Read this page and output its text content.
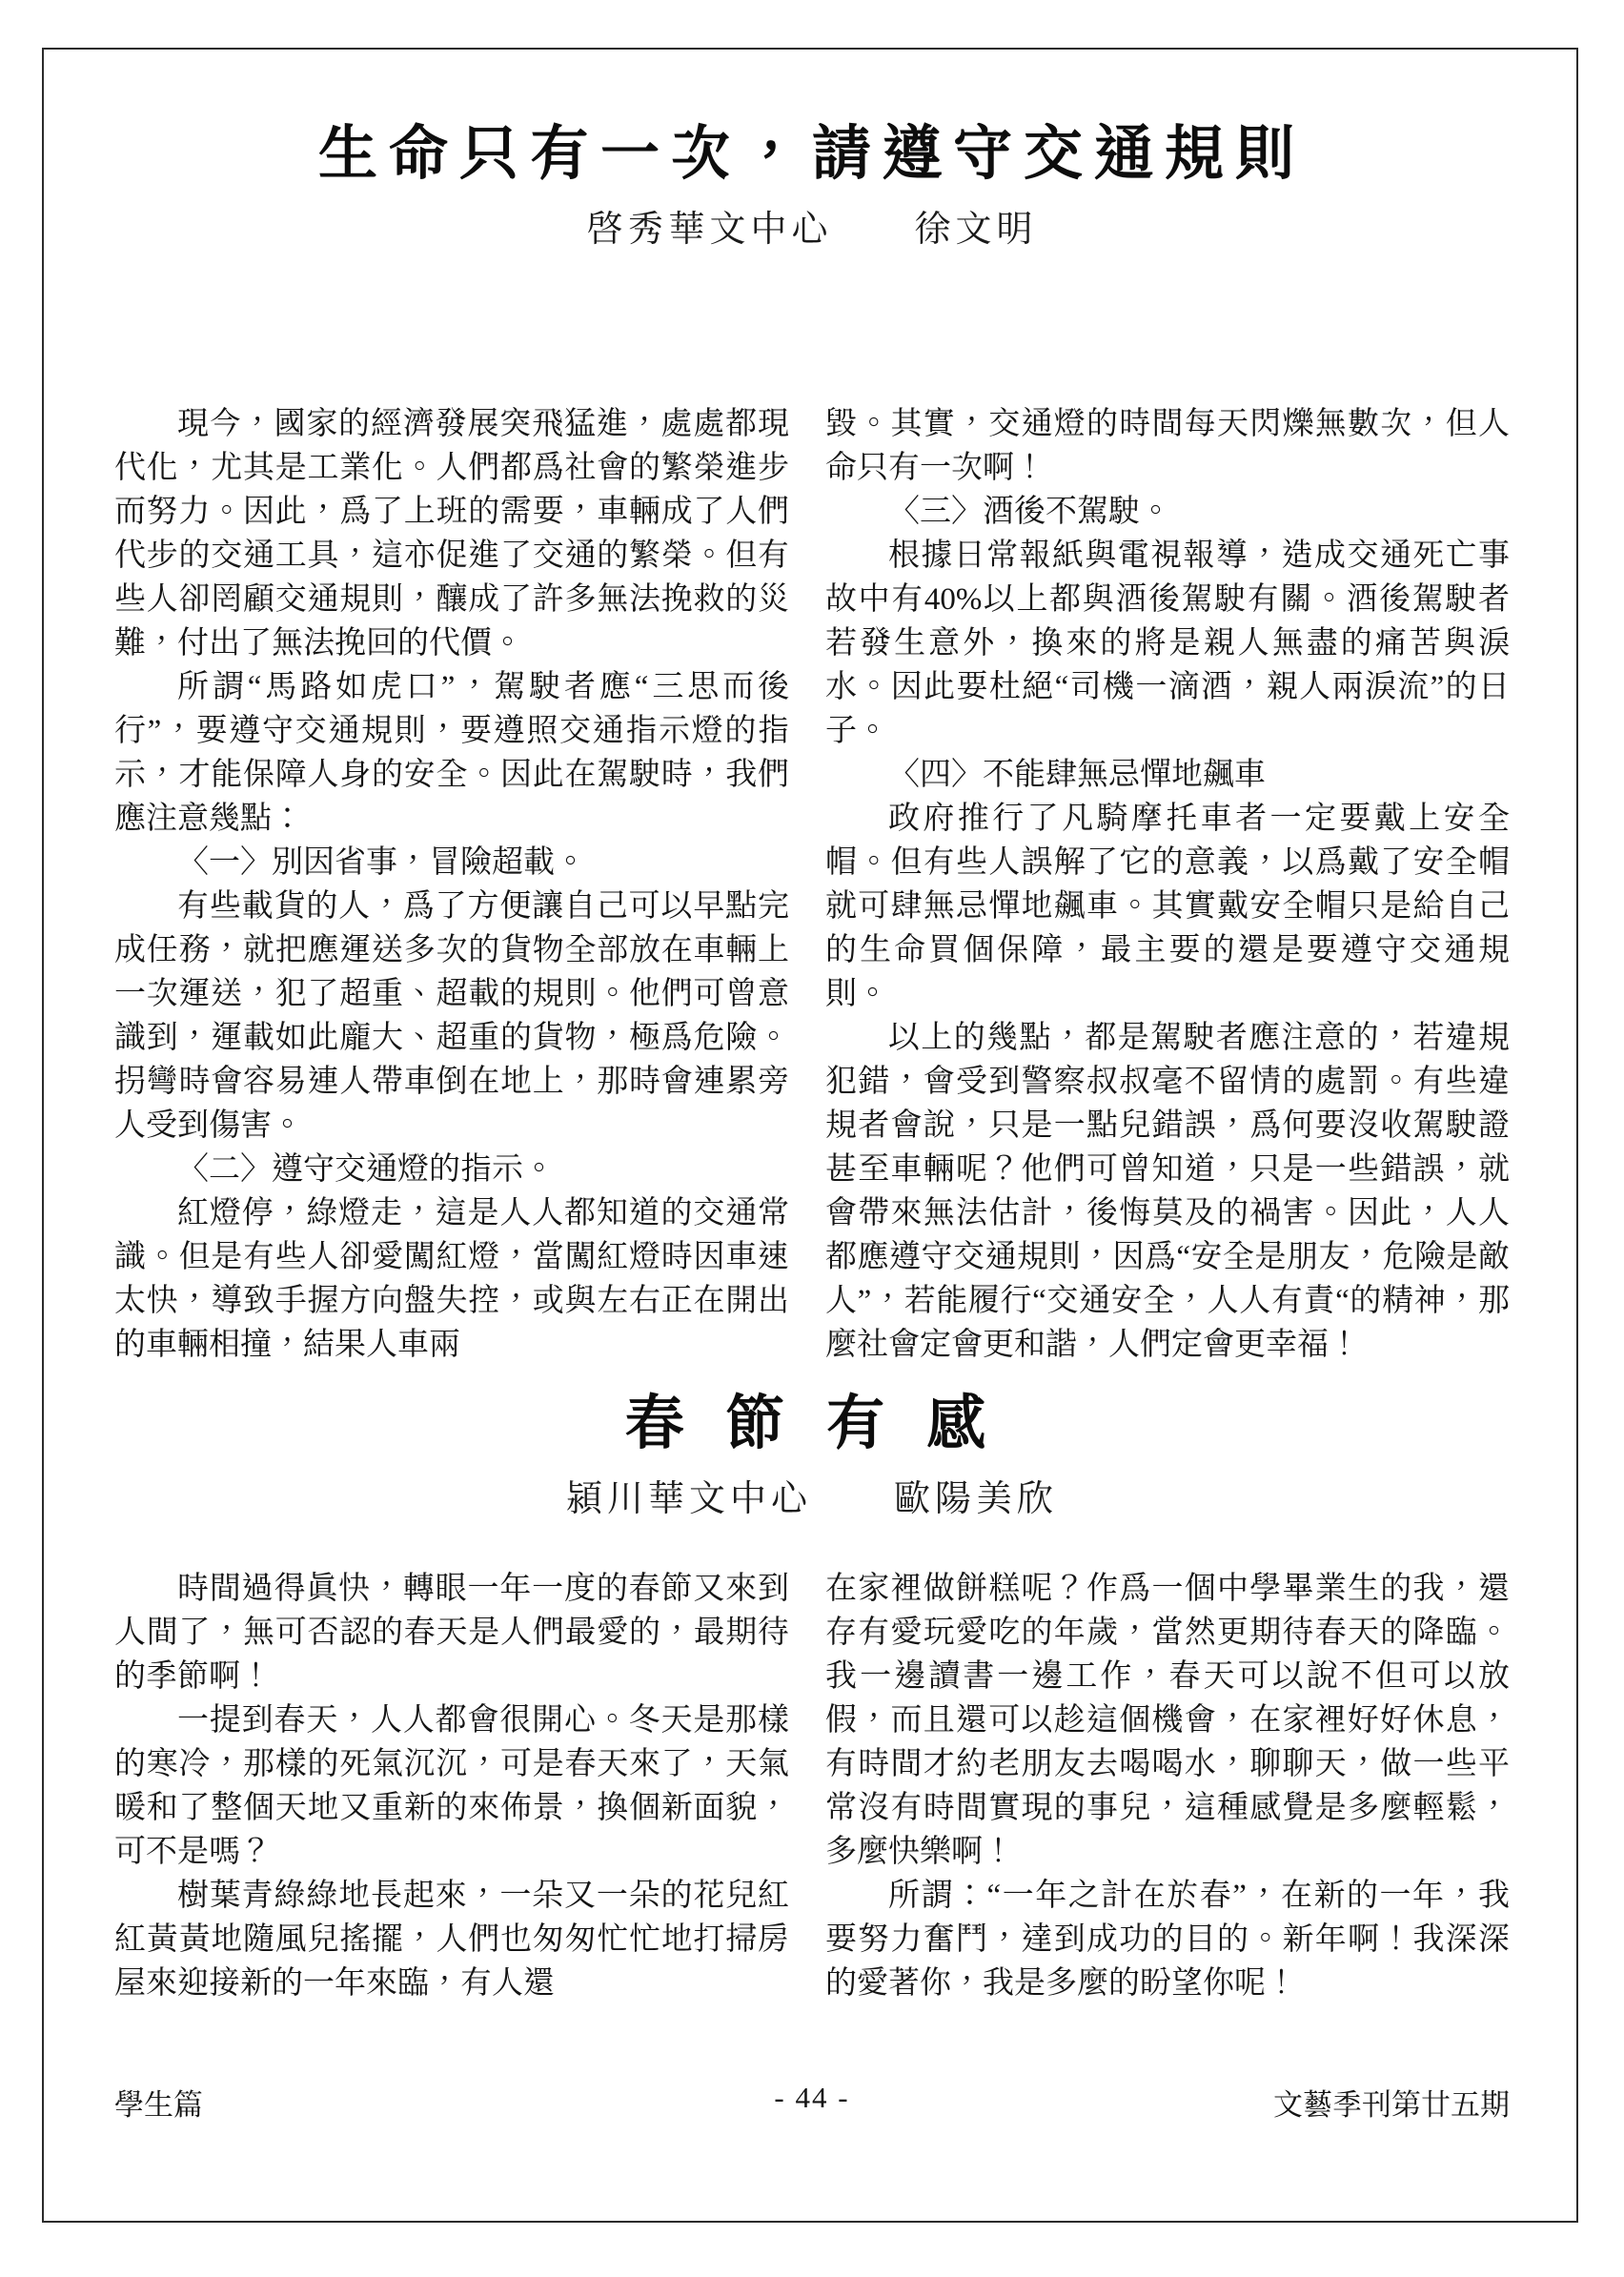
生命只有一次，請遵守交通規則
啓秀華文中心　　徐文明

現今，國家的經濟發展突飛猛進，處處都現代化，尤其是工業化。人們都爲社會的繁榮進步而努力。因此，爲了上班的需要，車輛成了人們代步的交通工具，這亦促進了交通的繁榮。但有些人卻罔顧交通規則，釀成了許多無法挽救的災難，付出了無法挽回的代價。

所謂“馬路如虎口”，駕駛者應“三思而後行”，要遵守交通規則，要遵照交通指示燈的指示，才能保障人身的安全。因此在駕駛時，我們應注意幾點：

〈一〉別因省事，冒險超載。

有些載貨的人，爲了方便讓自己可以早點完成任務，就把應運送多次的貨物全部放在車輛上一次運送，犯了超重、超載的規則。他們可曾意識到，運載如此龐大、超重的貨物，極爲危險。拐彎時會容易連人帶車倒在地上，那時會連累旁人受到傷害。

〈二〉遵守交通燈的指示。

紅燈停，綠燈走，這是人人都知道的交通常識。但是有些人卻愛闖紅燈，當闖紅燈時因車速太快，導致手握方向盤失控，或與左右正在開出的車輛相撞，結果人車兩

毀。其實，交通燈的時間每天閃爍無數次，但人命只有一次啊！

〈三〉酒後不駕駛。

根據日常報紙與電視報導，造成交通死亡事故中有40%以上都與酒後駕駛有關。酒後駕駛者若發生意外，換來的將是親人無盡的痛苦與淚水。因此要杜絕“司機一滴酒，親人兩淚流”的日子。

〈四〉不能肆無忌憚地飆車

政府推行了凡騎摩托車者一定要戴上安全帽。但有些人誤解了它的意義，以爲戴了安全帽就可肆無忌憚地飆車。其實戴安全帽只是給自己的生命買個保障，最主要的還是要遵守交通規則。

以上的幾點，都是駕駛者應注意的，若違規犯錯，會受到警察叔叔毫不留情的處罰。有些違規者會說，只是一點兒錯誤，爲何要沒收駕駛證甚至車輛呢？他們可曾知道，只是一些錯誤，就會帶來無法估計，後悔莫及的禍害。因此，人人都應遵守交通規則，因爲“安全是朋友，危險是敵人”，若能履行“交通安全，人人有責“的精神，那麼社會定會更和諧，人們定會更幸福！

春 節 有 感
潁川華文中心　　歐陽美欣

時間過得眞快，轉眼一年一度的春節又來到人間了，無可否認的春天是人們最愛的，最期待的季節啊！

一提到春天，人人都會很開心。冬天是那樣的寒冷，那樣的死氣沉沉，可是春天來了，天氣暖和了整個天地又重新的來佈景，換個新面貌，可不是嗎？

樹葉青綠綠地長起來，一朵又一朵的花兒紅紅黃黃地隨風兒搖擺，人們也匆匆忙忙地打掃房屋來迎接新的一年來臨，有人還

在家裡做餅糕呢？作爲一個中學畢業生的我，還存有愛玩愛吃的年歲，當然更期待春天的降臨。我一邊讀書一邊工作，春天可以說不但可以放假，而且還可以趁這個機會，在家裡好好休息，有時間才約老朋友去喝喝水，聊聊天，做一些平常沒有時間實現的事兒，這種感覺是多麼輕鬆，多麼快樂啊！

所謂：“一年之計在於春”，在新的一年，我要努力奮鬥，達到成功的目的。新年啊！我深深的愛著你，我是多麼的盼望你呢！

學生篇	- 44 -	文藝季刊第廿五期
